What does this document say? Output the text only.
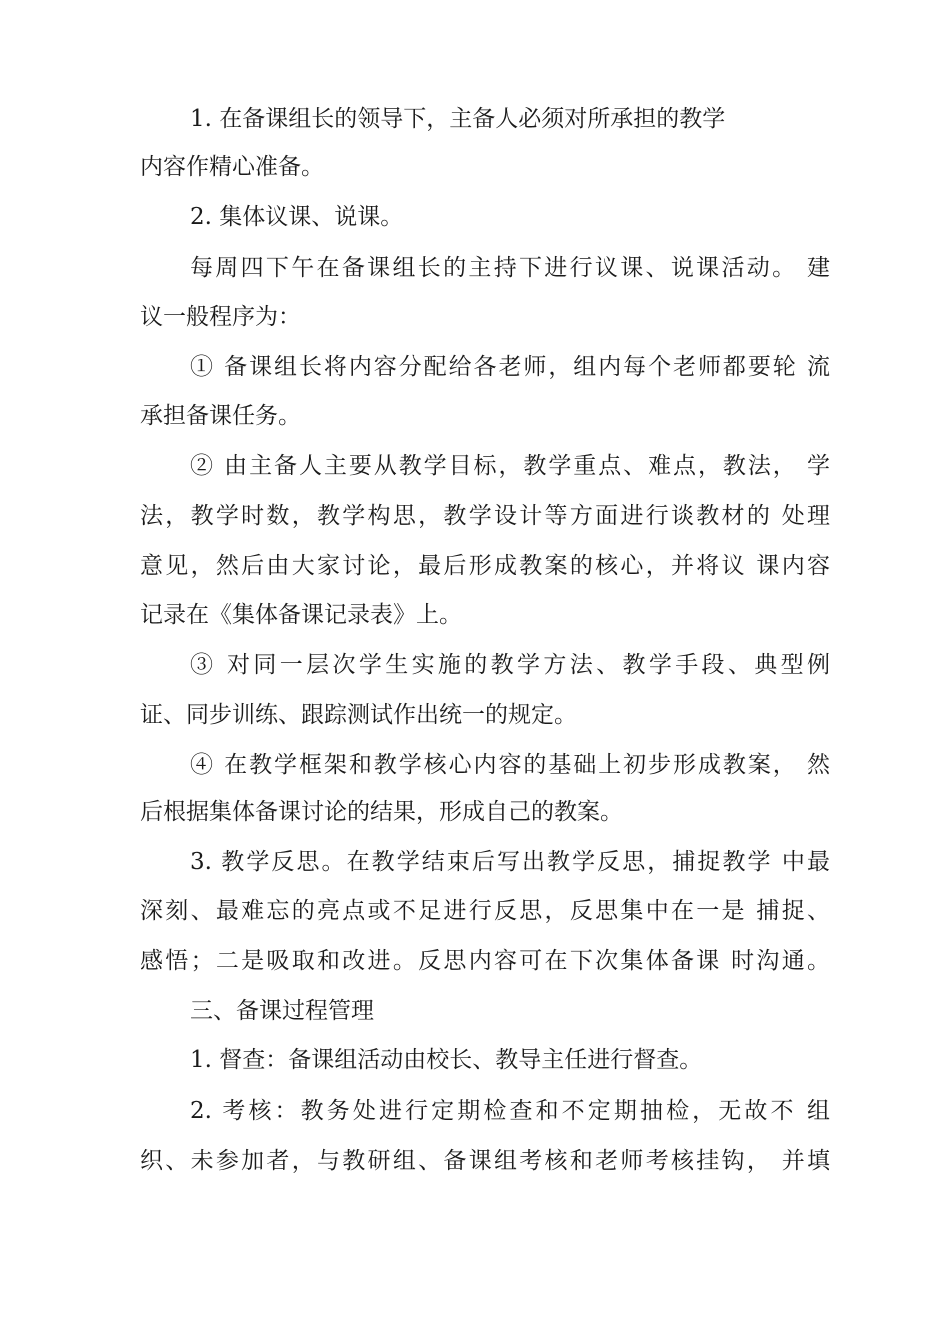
1. 在备课组长的领导下，主备人必须对所承担的教学
内容作精心准备。
2. 集体议课、说课。
每周四下午在备课组长的主持下进行议课、说课活动。 建
议一般程序为：
① 备课组长将内容分配给各老师，组内每个老师都要轮 流
承担备课任务。
② 由主备人主要从教学目标，教学重点、难点，教法， 学
法，教学时数，教学构思，教学设计等方面进行谈教材的 处理
意见，然后由大家讨论，最后形成教案的核心，并将议 课内容
记录在《集体备课记录表》上。
③ 对同一层次学生实施的教学方法、教学手段、典型例
证、同步训练、跟踪测试作出统一的规定。
④ 在教学框架和教学核心内容的基础上初步形成教案， 然
后根据集体备课讨论的结果，形成自己的教案。
3. 教学反思。在教学结束后写出教学反思，捕捉教学 中最
深刻、最难忘的亮点或不足进行反思，反思集中在一是 捕捉、
感悟；二是吸取和改进。反思内容可在下次集体备课 时沟通。
三、备课过程管理
1. 督查：备课组活动由校长、教导主任进行督查。
2. 考核：教务处进行定期检查和不定期抽检，无故不 组
织、未参加者，与教研组、备课组考核和老师考核挂钩， 并填
